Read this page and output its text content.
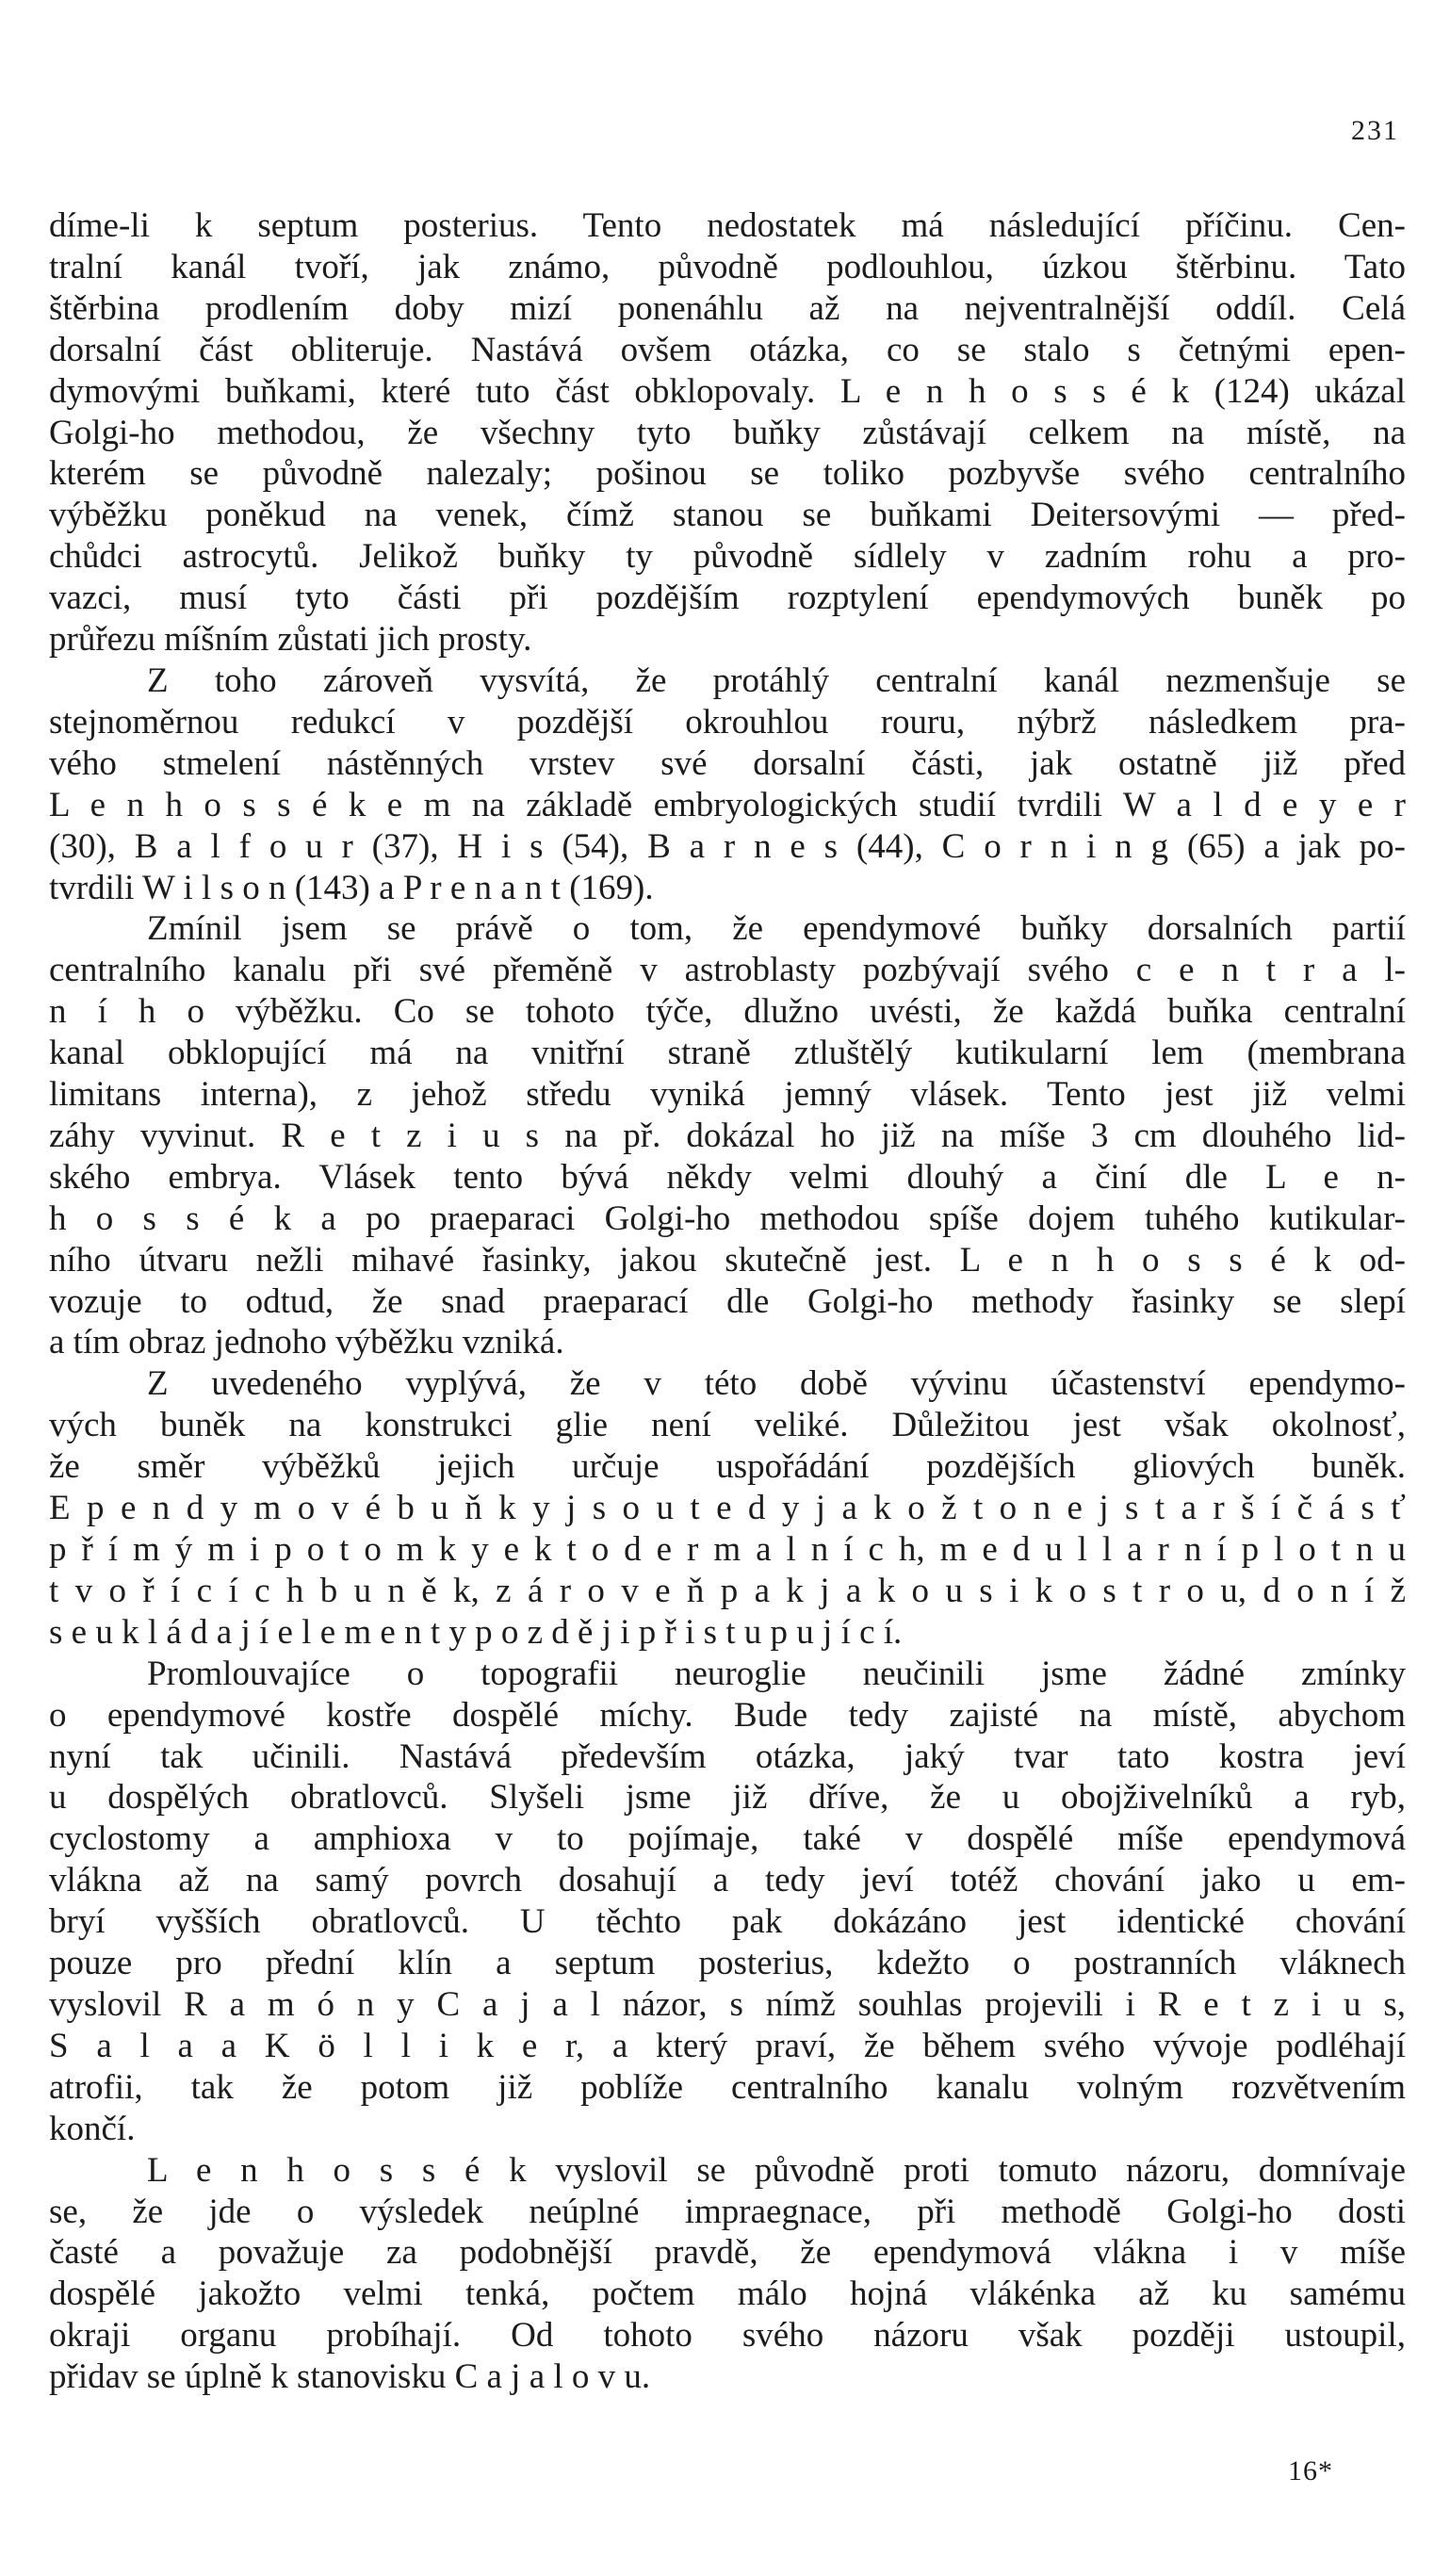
231
díme-li k septum posterius. Tento nedostatek má následující příčinu. Cen-
tralní kanál tvoří, jak známo, původně podlouhlou, úzkou štěrbinu. Tato
štěrbina prodlením doby mizí ponenáhlu až na nejventralnější oddíl. Celá
dorsalní část obliteruje. Nastává ovšem otázka, co se stalo s četnými epen-
dymovými buňkami, které tuto část obklopovaly. L e n h o s s é k (124) ukázal
Golgi-ho methodou, že všechny tyto buňky zůstávají celkem na místě, na
kterém se původně nalezaly; pošinou se toliko pozbyvše svého centralního
výběžku poněkud na venek, čímž stanou se buňkami Deitersovými — před-
chůdci astrocytů. Jelikož buňky ty původně sídlely v zadním rohu a pro-
vazci, musí tyto části při pozdějším rozptylení ependymových buněk po
průřezu míšním zůstati jich prosty.
Z toho zároveň vysvítá, že protáhlý centralní kanál nezmenšuje se
stejnoměrnou redukcí v pozdější okrouhlou rouru, nýbrž následkem pra-
vého stmelení nástěnných vrstev své dorsalní části, jak ostatně již před
L e n h o s s é k e m na základě embryologických studií tvrdili W a l d e y e r
(30), B a l f o u r (37), H i s (54), B a r n e s (44), C o r n i n g (65) a jak po-
tvrdili W i l s o n (143) a P r e n a n t (169).
Zmínil jsem se právě o tom, že ependymové buňky dorsalních partií
centralního kanalu při své přeměně v astroblasty pozbývají svého c e n t r a l-
n í h o výběžku. Co se tohoto týče, dlužno uvésti, že každá buňka centralní
kanal obklopující má na vnitřní straně ztluštělý kutikularní lem (membrana
limitans interna), z jehož středu vyniká jemný vlásek. Tento jest již velmi
záhy vyvinut. R e t z i u s na př. dokázal ho již na míše 3 cm dlouhého lid-
ského embrya. Vlásek tento bývá někdy velmi dlouhý a činí dle L e n-
h o s s é k a po praeparaci Golgi-ho methodou spíše dojem tuhého kutikular-
ního útvaru nežli mihavé řasinky, jakou skutečně jest. L e n h o s s é k od-
vozuje to odtud, že snad praeparací dle Golgi-ho methody řasinky se slepí
a tím obraz jednoho výběžku vzniká.
Z uvedeného vyplývá, že v této době vývinu účastenství ependymo-
vých buněk na konstrukci glie není veliké. Důležitou jest však okolnosť,
že směr výběžků jejich určuje uspořádání pozdějších gliových buněk.
E p e n d y m o v é b u ň k y j s o u t e d y j a k o ž t o n e j s t a r š í č á s ť
p ř í m ý m i p o t o m k y e k t o d e r m a l n í c h, m e d u l l a r n í p l o t n u
t v o ř í c í c h b u n ě k, z á r o v e ň p a k j a k o u s i k o s t r o u, d o n í ž
s e u k l á d a j í e l e m e n t y p o z d ě j i p ř i s t u p u j í c í.
Promlouvajíce o topografii neuroglie neučinili jsme žádné zmínky
o ependymové kostře dospělé míchy. Bude tedy zajisté na místě, abychom
nyní tak učinili. Nastává především otázka, jaký tvar tato kostra jeví
u dospělých obratlovců. Slyšeli jsme již dříve, že u obojživelníků a ryb,
cyclostomy a amphioxa v to pojímaje, také v dospělé míše ependymová
vlákna až na samý povrch dosahují a tedy jeví totéž chování jako u em-
bryí vyšších obratlovců. U těchto pak dokázáno jest identické chování
pouze pro přední klín a septum posterius, kdežto o postranních vláknech
vyslovil R a m ó n y C a j a l názor, s nímž souhlas projevili i R e t z i u s,
S a l a a K ö l l i k e r, a který praví, že během svého vývoje podléhají
atrofii, tak že potom již poblíže centralního kanalu volným rozvětvením
končí.
L e n h o s s é k vyslovil se původně proti tomuto názoru, domnívaje
se, že jde o výsledek neúplné impraegnace, při methodě Golgi-ho dosti
časté a považuje za podobnější pravdě, že ependymová vlákna i v míše
dospělé jakožto velmi tenká, počtem málo hojná vlákénka až ku samému
okraji organu probíhají. Od tohoto svého názoru však později ustoupil,
přidav se úplně k stanovisku C a j a l o v u.
16*
